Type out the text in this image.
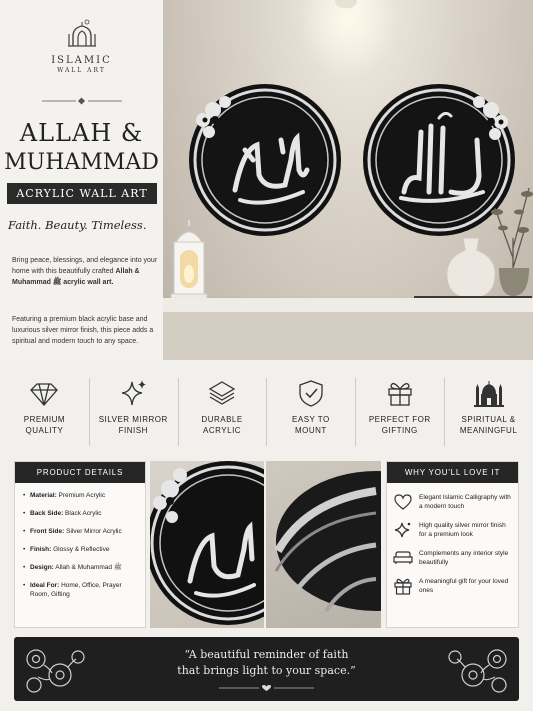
ISLAMIC
WALL ART
ALLAH &
MUHAMMAD
ACRYLIC WALL ART
Faith. Beauty. Timeless.
Bring peace, blessings, and elegance into your home with this beautifully crafted Allah & Muhammad ﷺ acrylic wall art.
Featuring a premium black acrylic base and luxurious silver mirror finish, this piece adds a spiritual and modern touch to any space.
PREMIUM
QUALITY
SILVER MIRROR
FINISH
DURABLE
ACRYLIC
EASY TO
MOUNT
PERFECT FOR
GIFTING
SPIRITUAL &
MEANINGFUL
PRODUCT DETAILS
• Material: Premium Acrylic
• Back Side: Black Acrylic
• Front Side: Silver Mirror Acrylic
• Finish: Glossy & Reflective
• Design: Allah & Muhammad ﷺ
• Ideal For: Home, Office, Prayer Room, Gifting
WHY YOU'LL LOVE IT
Elegant Islamic Calligraphy with a modern touch
High quality silver mirror finish for a premium look
Complements any interior style beautifully
A meaningful gift for your loved ones
“A beautiful reminder of faith
that brings light to your space.”
